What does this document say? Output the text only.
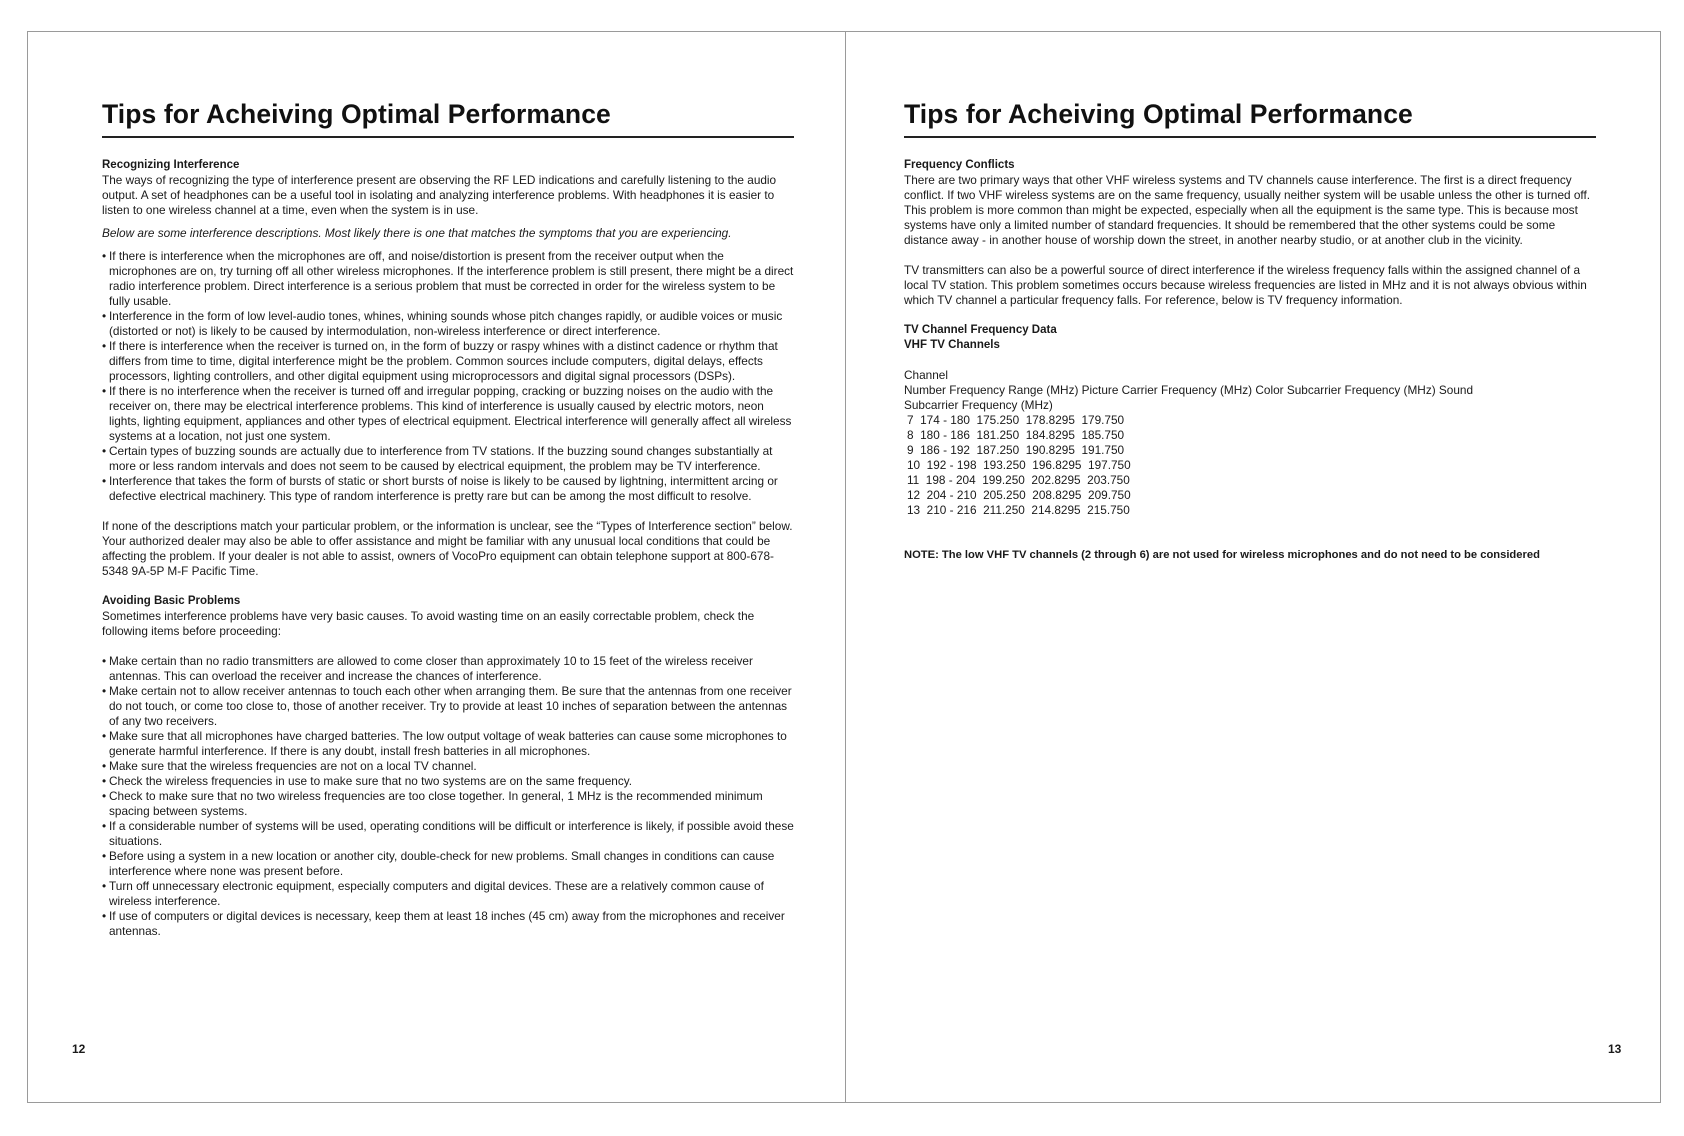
Tips for Acheiving Optimal Performance

Recognizing Interference

The ways of recognizing the type of interference present are observing the RF LED indications and carefully listening to the audio output. A set of headphones can be a useful tool in isolating and analyzing interference problems. With headphones it is easier to listen to one wireless channel at a time, even when the system is in use.

Below are some interference descriptions. Most likely there is one that matches the symptoms that you are experiencing.

• If there is interference when the microphones are off, and noise/distortion is present from the receiver output when the microphones are on, try turning off all other wireless microphones. If the interference problem is still present, there might be a direct radio interference problem. Direct interference is a serious problem that must be corrected in order for the wireless system to be fully usable.
• Interference in the form of low level-audio tones, whines, whining sounds whose pitch changes rapidly, or audible voices or music (distorted or not) is likely to be caused by intermodulation, non-wireless interference or direct interference.
• If there is interference when the receiver is turned on, in the form of buzzy or raspy whines with a distinct cadence or rhythm that differs from time to time, digital interference might be the problem. Common sources include computers, digital delays, effects processors, lighting controllers, and other digital equipment using microprocessors and digital signal processors (DSPs).
• If there is no interference when the receiver is turned off and irregular popping, cracking or buzzing noises on the audio with the receiver on, there may be electrical interference problems. This kind of interference is usually caused by electric motors, neon lights, lighting equipment, appliances and other types of electrical equipment. Electrical interference will generally affect all wireless systems at a location, not just one system.
• Certain types of buzzing sounds are actually due to interference from TV stations. If the buzzing sound changes substantially at more or less random intervals and does not seem to be caused by electrical equipment, the problem may be TV interference.
• Interference that takes the form of bursts of static or short bursts of noise is likely to be caused by lightning, intermittent arcing or defective electrical machinery. This type of random interference is pretty rare but can be among the most difficult to resolve.

If none of the descriptions match your particular problem, or the information is unclear, see the “Types of Interference section” below. Your authorized dealer may also be able to offer assistance and might be familiar with any unusual local conditions that could be affecting the problem. If your dealer is not able to assist, owners of VocoPro equipment can obtain telephone support at 800-678-5348 9A-5P M-F Pacific Time.

Avoiding Basic Problems

Sometimes interference problems have very basic causes. To avoid wasting time on an easily correctable problem, check the following items before proceeding:

• Make certain than no radio transmitters are allowed to come closer than approximately 10 to 15 feet of the wireless receiver antennas. This can overload the receiver and increase the chances of interference.
• Make certain not to allow receiver antennas to touch each other when arranging them. Be sure that the antennas from one receiver do not touch, or come too close to, those of another receiver. Try to provide at least 10 inches of separation between the antennas of any two receivers.
• Make sure that all microphones have charged batteries. The low output voltage of weak batteries can cause some microphones to generate harmful interference. If there is any doubt, install fresh batteries in all microphones.
• Make sure that the wireless frequencies are not on a local TV channel.
• Check the wireless frequencies in use to make sure that no two systems are on the same frequency.
• Check to make sure that no two wireless frequencies are too close together. In general, 1 MHz is the recommended minimum spacing between systems.
• If a considerable number of systems will be used, operating conditions will be difficult or interference is likely, if possible avoid these situations.
• Before using a system in a new location or another city, double-check for new problems. Small changes in conditions can cause interference where none was present before.
• Turn off unnecessary electronic equipment, especially computers and digital devices. These are a relatively common cause of wireless interference.
• If use of computers or digital devices is necessary, keep them at least 18 inches (45 cm) away from the microphones and receiver antennas.
12
Tips for Acheiving Optimal Performance

Frequency Conflicts

There are two primary ways that other VHF wireless systems and TV channels cause interference. The first is a direct frequency conflict. If two VHF wireless systems are on the same frequency, usually neither system will be usable unless the other is turned off. This problem is more common than might be expected, especially when all the equipment is the same type. This is because most systems have only a limited number of standard frequencies. It should be remembered that the other systems could be some distance away - in another house of worship down the street, in another nearby studio, or at another club in the vicinity.

TV transmitters can also be a powerful source of direct interference if the wireless frequency falls within the assigned channel of a local TV station. This problem sometimes occurs because wireless frequencies are listed in MHz and it is not always obvious within which TV channel a particular frequency falls. For reference, below is TV frequency information.

TV Channel Frequency Data

VHF TV Channels

Channel

Number Frequency Range (MHz) Picture Carrier Frequency (MHz) Color Subcarrier Frequency (MHz) Sound

Subcarrier Frequency (MHz)

7  174 - 180  175.250  178.8295  179.750

8  180 - 186  181.250  184.8295  185.750

9  186 - 192  187.250  190.8295  191.750

10  192 - 198  193.250  196.8295  197.750

11  198 - 204  199.250  202.8295  203.750

12  204 - 210  205.250  208.8295  209.750

13  210 - 216  211.250  214.8295  215.750

NOTE: The low VHF TV channels (2 through 6) are not used for wireless microphones and do not need to be considered

13
